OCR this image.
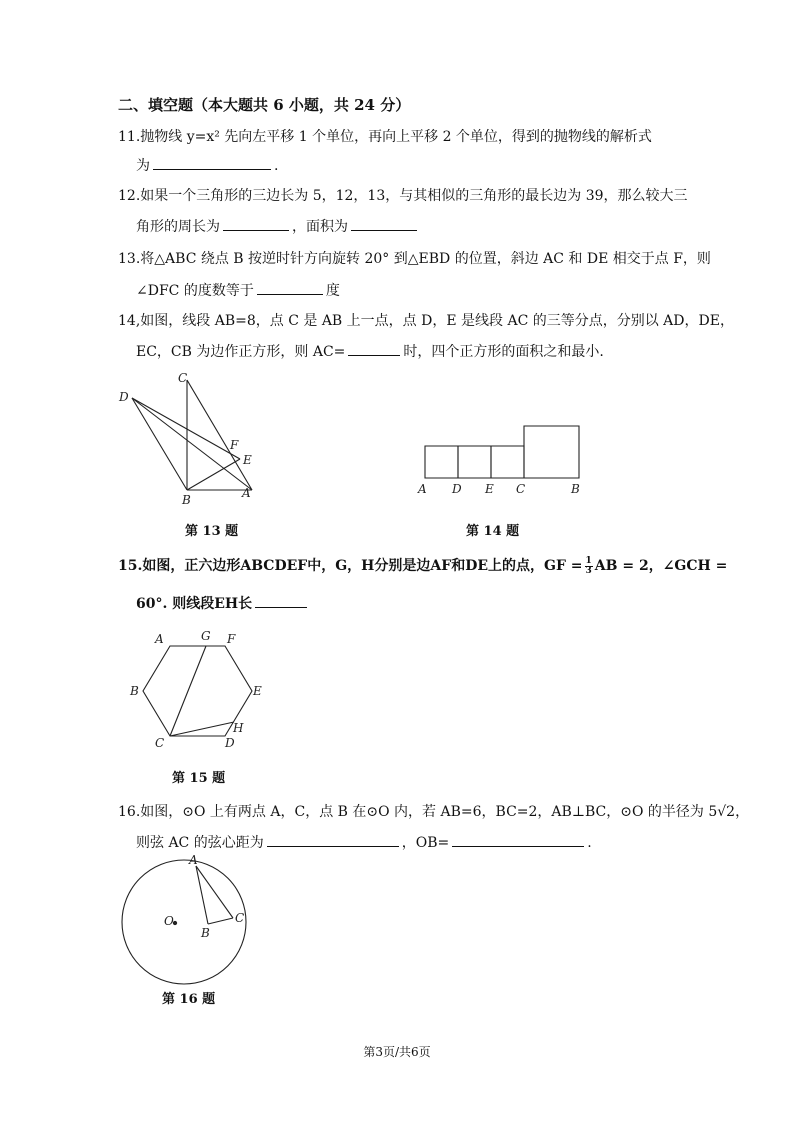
二、填空题（本大题共 6 小题，共 24 分）
11.抛物线 y=x² 先向左平移 1 个单位，再向上平移 2 个单位，得到的抛物线的解析式
为	.
12.如果一个三角形的三边长为 5，12，13，与其相似的三角形的最长边为 39，那么较大三
角形的周长为	，面积为
13.将△ABC 绕点 B 按逆时针方向旋转 20° 到△EBD 的位置，斜边 AC 和 DE 相交于点 F，则
∠DFC 的度数等于	度
14,如图，线段 AB=8，点 C 是 AB 上一点，点 D，E 是线段 AC 的三等分点，分别以 AD，DE，
EC，CB 为边作正方形，则 AC=	时，四个正方形的面积之和最小.
C
D
F
E
B	A
第 13 题
A D E C	B
第 14 题
15.如图，正六边形ABCDEF中，G，H分别是边AF和DE上的点，GF = $\frac{1}{3}$ AB = 2，∠GCH =
60°. 则线段EH长
A	G F
B	E
H
C	D
第 15 题
16.如图，⊙O 上有两点 A，C，点 B 在⊙O 内，若 AB=6，BC=2，AB⊥BC，⊙O 的半径为 5√2，
则弦 AC 的弦心距为	，OB=	.
A
O	C
B
第 16 题
第3页/共6页
